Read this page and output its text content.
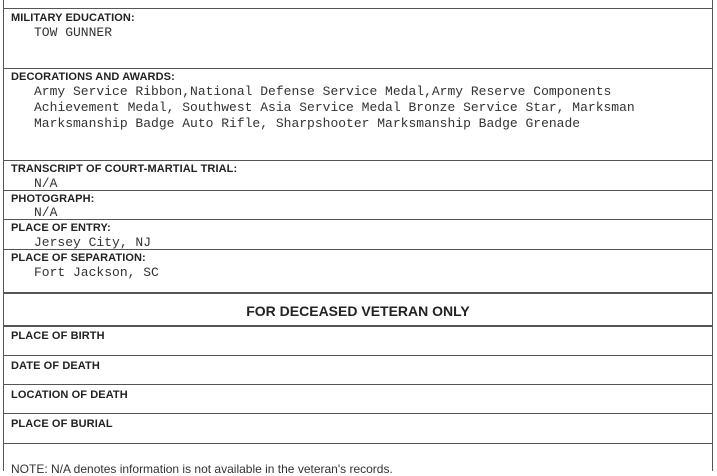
MILITARY EDUCATION:
TOW GUNNER
DECORATIONS AND AWARDS:
Army Service Ribbon,National Defense Service Medal,Army Reserve Components
Achievement Medal, Southwest Asia Service Medal Bronze Service Star, Marksman
Marksmanship Badge Auto Rifle, Sharpshooter Marksmanship Badge Grenade
TRANSCRIPT OF COURT-MARTIAL TRIAL:
N/A
PHOTOGRAPH:
N/A
PLACE OF ENTRY:
Jersey City, NJ
PLACE OF SEPARATION:
Fort Jackson, SC
FOR DECEASED VETERAN ONLY
PLACE OF BIRTH
DATE OF DEATH
LOCATION OF DEATH
PLACE OF BURIAL
NOTE: N/A denotes information is not available in the veteran's records.
